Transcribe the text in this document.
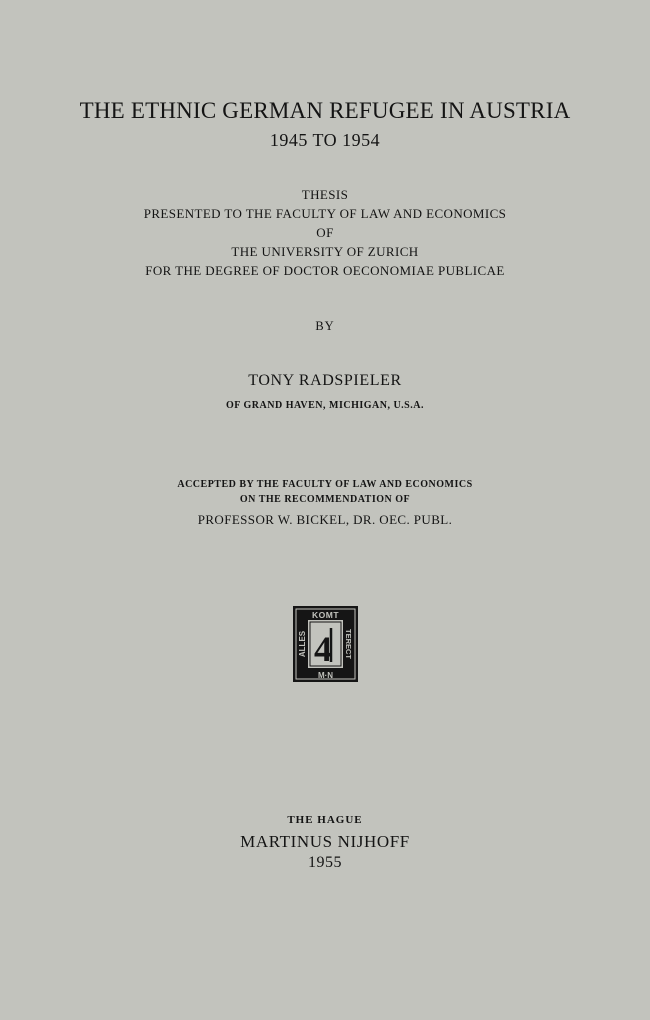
THE ETHNIC GERMAN REFUGEE IN AUSTRIA
1945 TO 1954
THESIS
PRESENTED TO THE FACULTY OF LAW AND ECONOMICS
OF
THE UNIVERSITY OF ZURICH
FOR THE DEGREE OF DOCTOR OECONOMIAE PUBLICAE
BY
TONY RADSPIELER
OF GRAND HAVEN, MICHIGAN, U.S.A.
ACCEPTED BY THE FACULTY OF LAW AND ECONOMICS
ON THE RECOMMENDATION OF
PROFESSOR W. BICKEL, DR. OEC. PUBL.
KOMT
M·N
ALLES	TERECT
4
THE HAGUE
MARTINUS NIJHOFF
1955
